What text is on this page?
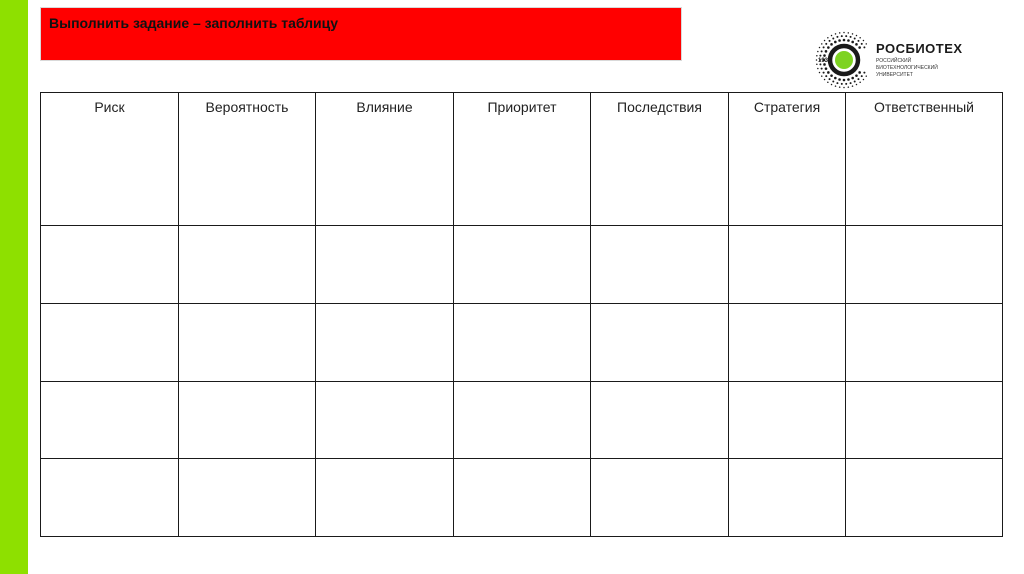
Выполнить задание – заполнить таблицу
1930
РОСБИОТЕХ
РОССИЙСКИЙ
БИОТЕХНОЛОГИЧЕСКИЙ
УНИВЕРСИТЕТ
Риск	Вероятность	Влияние	Приоритет	Последствия	Стратегия	Ответственный
